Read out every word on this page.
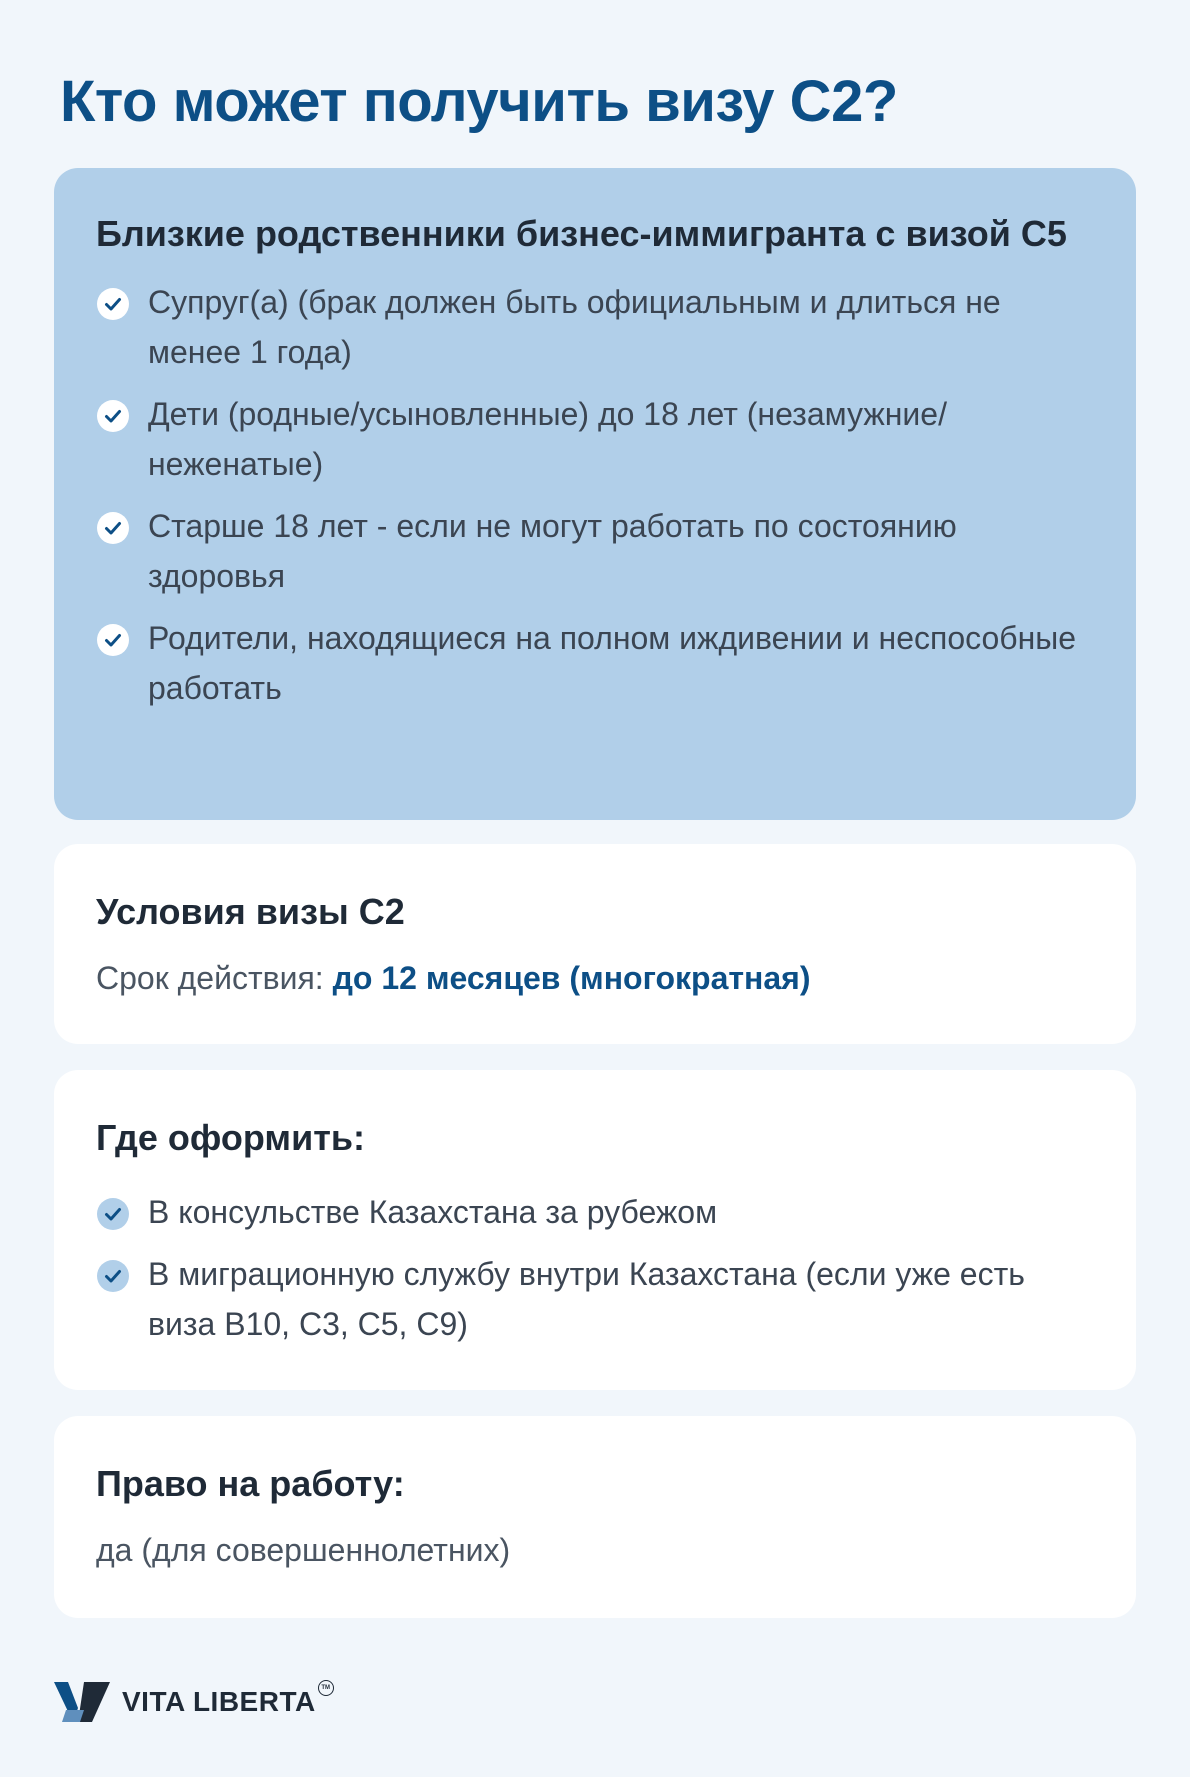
Кто может получить визу С2?
Близкие родственники бизнес-иммигранта с визой С5
Супруг(а) (брак должен быть официальным и длиться не менее 1 года)
Дети (родные/усыновленные) до 18 лет (незамужние/неженатые)
Старше 18 лет - если не могут работать по состоянию здоровья
Родители, находящиеся на полном иждивении и неспособные работать
Условия визы С2
Срок действия: до 12 месяцев (многократная)
Где оформить:
В консульстве Казахстана за рубежом
В миграционную службу внутри Казахстана (если уже есть виза В10, С3, С5, С9)
Право на работу:
да (для совершеннолетних)
VITA LIBERTA TM
